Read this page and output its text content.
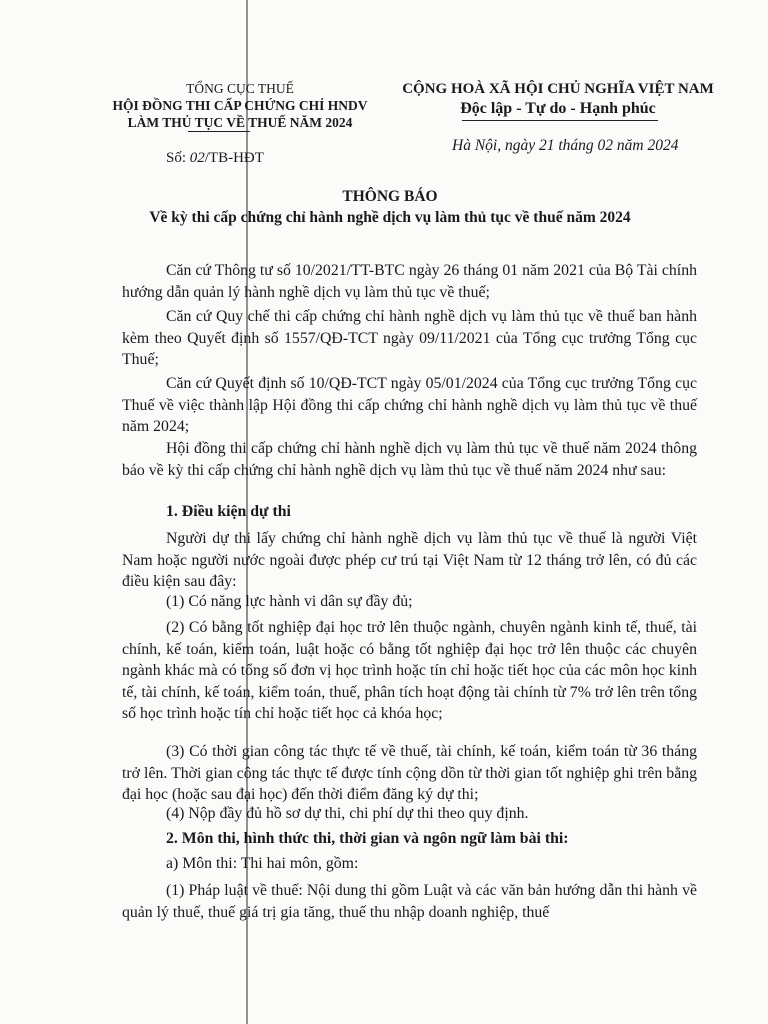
TỔNG CỤC THUẾ
HỘI ĐỒNG THI CẤP CHỨNG CHỈ HNDV
LÀM THỦ TỤC VỀ THUẾ NĂM 2024
CỘNG HOÀ XÃ HỘI CHỦ NGHĨA VIỆT NAM
Độc lập - Tự do - Hạnh phúc
Hà Nội, ngày 21 tháng 02 năm 2024
Số: 02/TB-HĐT
THÔNG BÁO
Về kỳ thi cấp chứng chỉ hành nghề dịch vụ làm thủ tục về thuế năm 2024
Căn cứ Thông tư số 10/2021/TT-BTC ngày 26 tháng 01 năm 2021 của Bộ Tài chính hướng dẫn quản lý hành nghề dịch vụ làm thủ tục về thuế;
Căn cứ Quy chế thi cấp chứng chỉ hành nghề dịch vụ làm thủ tục về thuế ban hành kèm theo Quyết định số 1557/QĐ-TCT ngày 09/11/2021 của Tổng cục trưởng Tổng cục Thuế;
Căn cứ Quyết định số 10/QĐ-TCT ngày 05/01/2024 của Tổng cục trưởng Tổng cục Thuế về việc thành lập Hội đồng thi cấp chứng chỉ hành nghề dịch vụ làm thủ tục về thuế năm 2024;
Hội đồng thi cấp chứng chỉ hành nghề dịch vụ làm thủ tục về thuế năm 2024 thông báo về kỳ thi cấp chứng chỉ hành nghề dịch vụ làm thủ tục về thuế năm 2024 như sau:
1. Điều kiện dự thi
Người dự thi lấy chứng chỉ hành nghề dịch vụ làm thủ tục về thuế là người Việt Nam hoặc người nước ngoài được phép cư trú tại Việt Nam từ 12 tháng trở lên, có đủ các điều kiện sau đây:
(1) Có năng lực hành vi dân sự đầy đủ;
(2) Có bằng tốt nghiệp đại học trở lên thuộc ngành, chuyên ngành kinh tế, thuế, tài chính, kế toán, kiểm toán, luật hoặc có bằng tốt nghiệp đại học trở lên thuộc các chuyên ngành khác mà có tổng số đơn vị học trình hoặc tín chỉ hoặc tiết học của các môn học kinh tế, tài chính, kế toán, kiểm toán, thuế, phân tích hoạt động tài chính từ 7% trở lên trên tổng số học trình hoặc tín chỉ hoặc tiết học cả khóa học;
(3) Có thời gian công tác thực tế về thuế, tài chính, kế toán, kiểm toán từ 36 tháng trở lên. Thời gian công tác thực tế được tính cộng dồn từ thời gian tốt nghiệp ghi trên bằng đại học (hoặc sau đại học) đến thời điểm đăng ký dự thi;
(4) Nộp đầy đủ hồ sơ dự thi, chi phí dự thi theo quy định.
2. Môn thi, hình thức thi, thời gian và ngôn ngữ làm bài thi:
a) Môn thi: Thi hai môn, gồm:
(1) Pháp luật về thuế: Nội dung thi gồm Luật và các văn bản hướng dẫn thi hành về quản lý thuế, thuế giá trị gia tăng, thuế thu nhập doanh nghiệp, thuế
